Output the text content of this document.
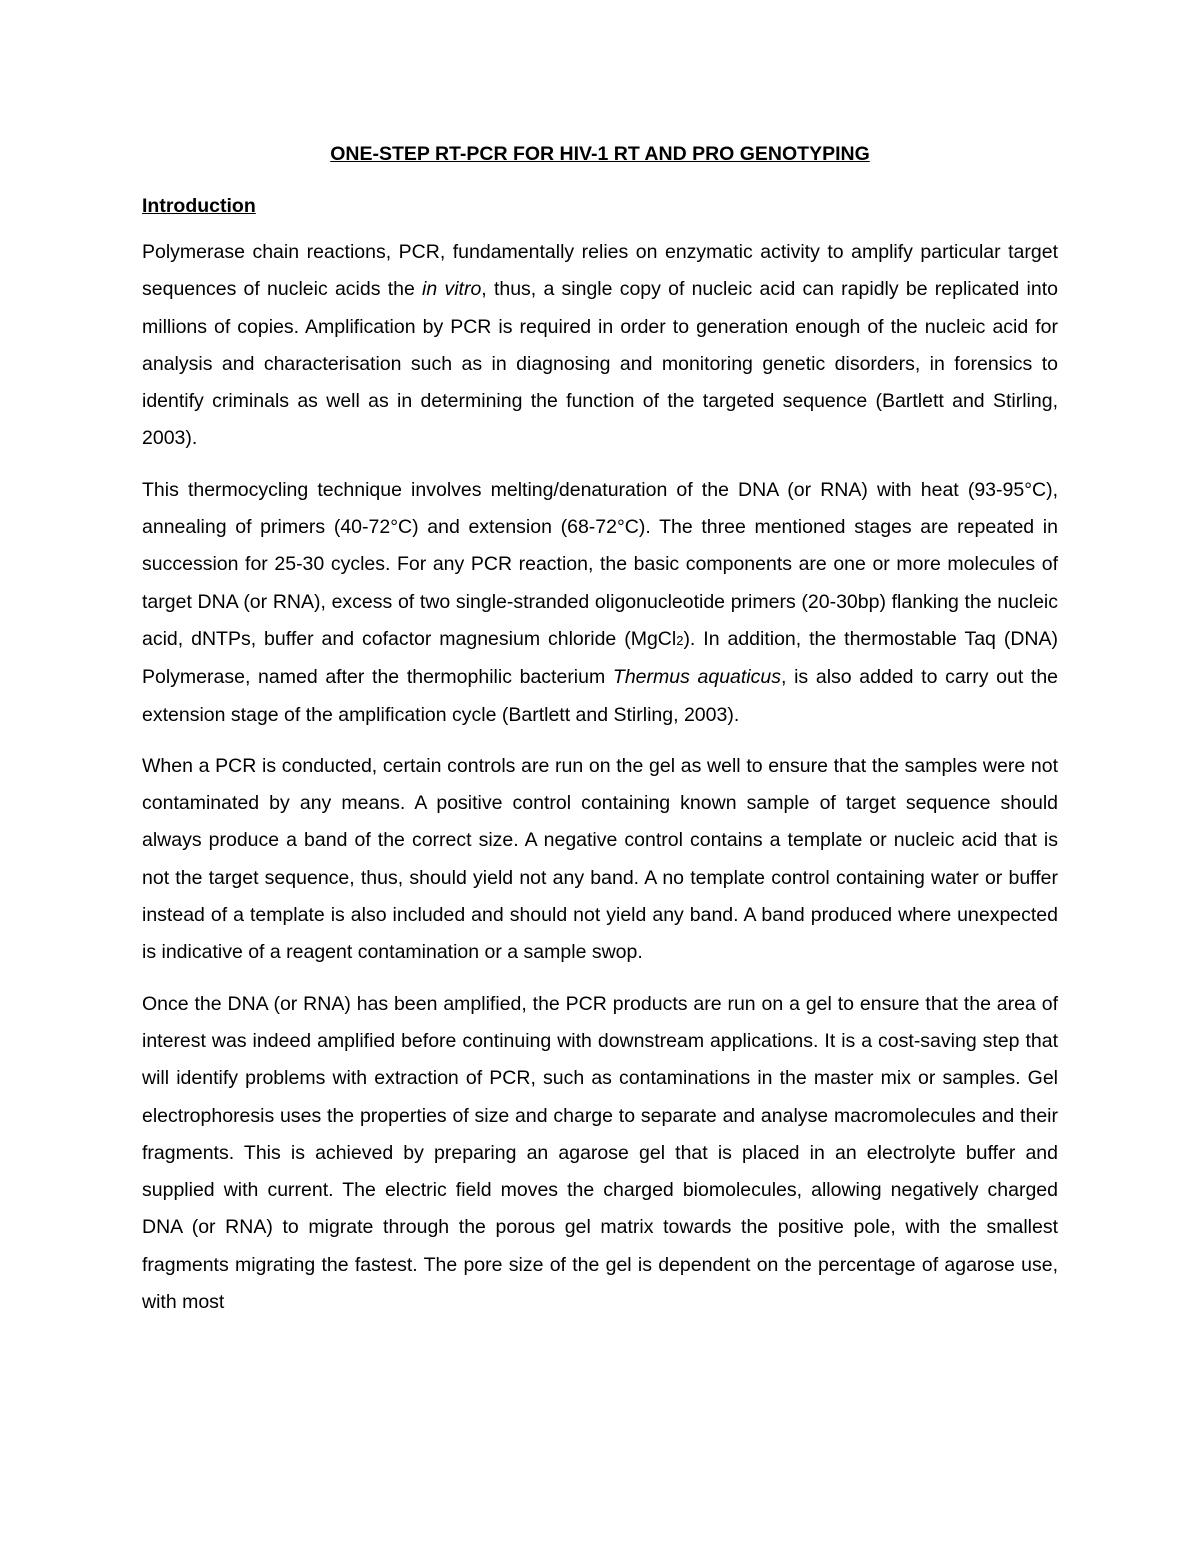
ONE-STEP RT-PCR FOR HIV-1 RT AND PRO GENOTYPING
Introduction

Polymerase chain reactions, PCR, fundamentally relies on enzymatic activity to amplify particular target sequences of nucleic acids the in vitro, thus, a single copy of nucleic acid can rapidly be replicated into millions of copies. Amplification by PCR is required in order to generation enough of the nucleic acid for analysis and characterisation such as in diagnosing and monitoring genetic disorders, in forensics to identify criminals as well as in determining the function of the targeted sequence (Bartlett and Stirling, 2003).

This thermocycling technique involves melting/denaturation of the DNA (or RNA) with heat (93-95°C), annealing of primers (40-72°C) and extension (68-72°C). The three mentioned stages are repeated in succession for 25-30 cycles. For any PCR reaction, the basic components are one or more molecules of target DNA (or RNA), excess of two single-stranded oligonucleotide primers (20-30bp) flanking the nucleic acid, dNTPs, buffer and cofactor magnesium chloride (MgCl2). In addition, the thermostable Taq (DNA) Polymerase, named after the thermophilic bacterium Thermus aquaticus, is also added to carry out the extension stage of the amplification cycle (Bartlett and Stirling, 2003).

When a PCR is conducted, certain controls are run on the gel as well to ensure that the samples were not contaminated by any means. A positive control containing known sample of target sequence should always produce a band of the correct size. A negative control contains a template or nucleic acid that is not the target sequence, thus, should yield not any band. A no template control containing water or buffer instead of a template is also included and should not yield any band. A band produced where unexpected is indicative of a reagent contamination or a sample swop.

Once the DNA (or RNA) has been amplified, the PCR products are run on a gel to ensure that the area of interest was indeed amplified before continuing with downstream applications. It is a cost-saving step that will identify problems with extraction of PCR, such as contaminations in the master mix or samples. Gel electrophoresis uses the properties of size and charge to separate and analyse macromolecules and their fragments. This is achieved by preparing an agarose gel that is placed in an electrolyte buffer and supplied with current. The electric field moves the charged biomolecules, allowing negatively charged DNA (or RNA) to migrate through the porous gel matrix towards the positive pole, with the smallest fragments migrating the fastest. The pore size of the gel is dependent on the percentage of agarose use, with most
